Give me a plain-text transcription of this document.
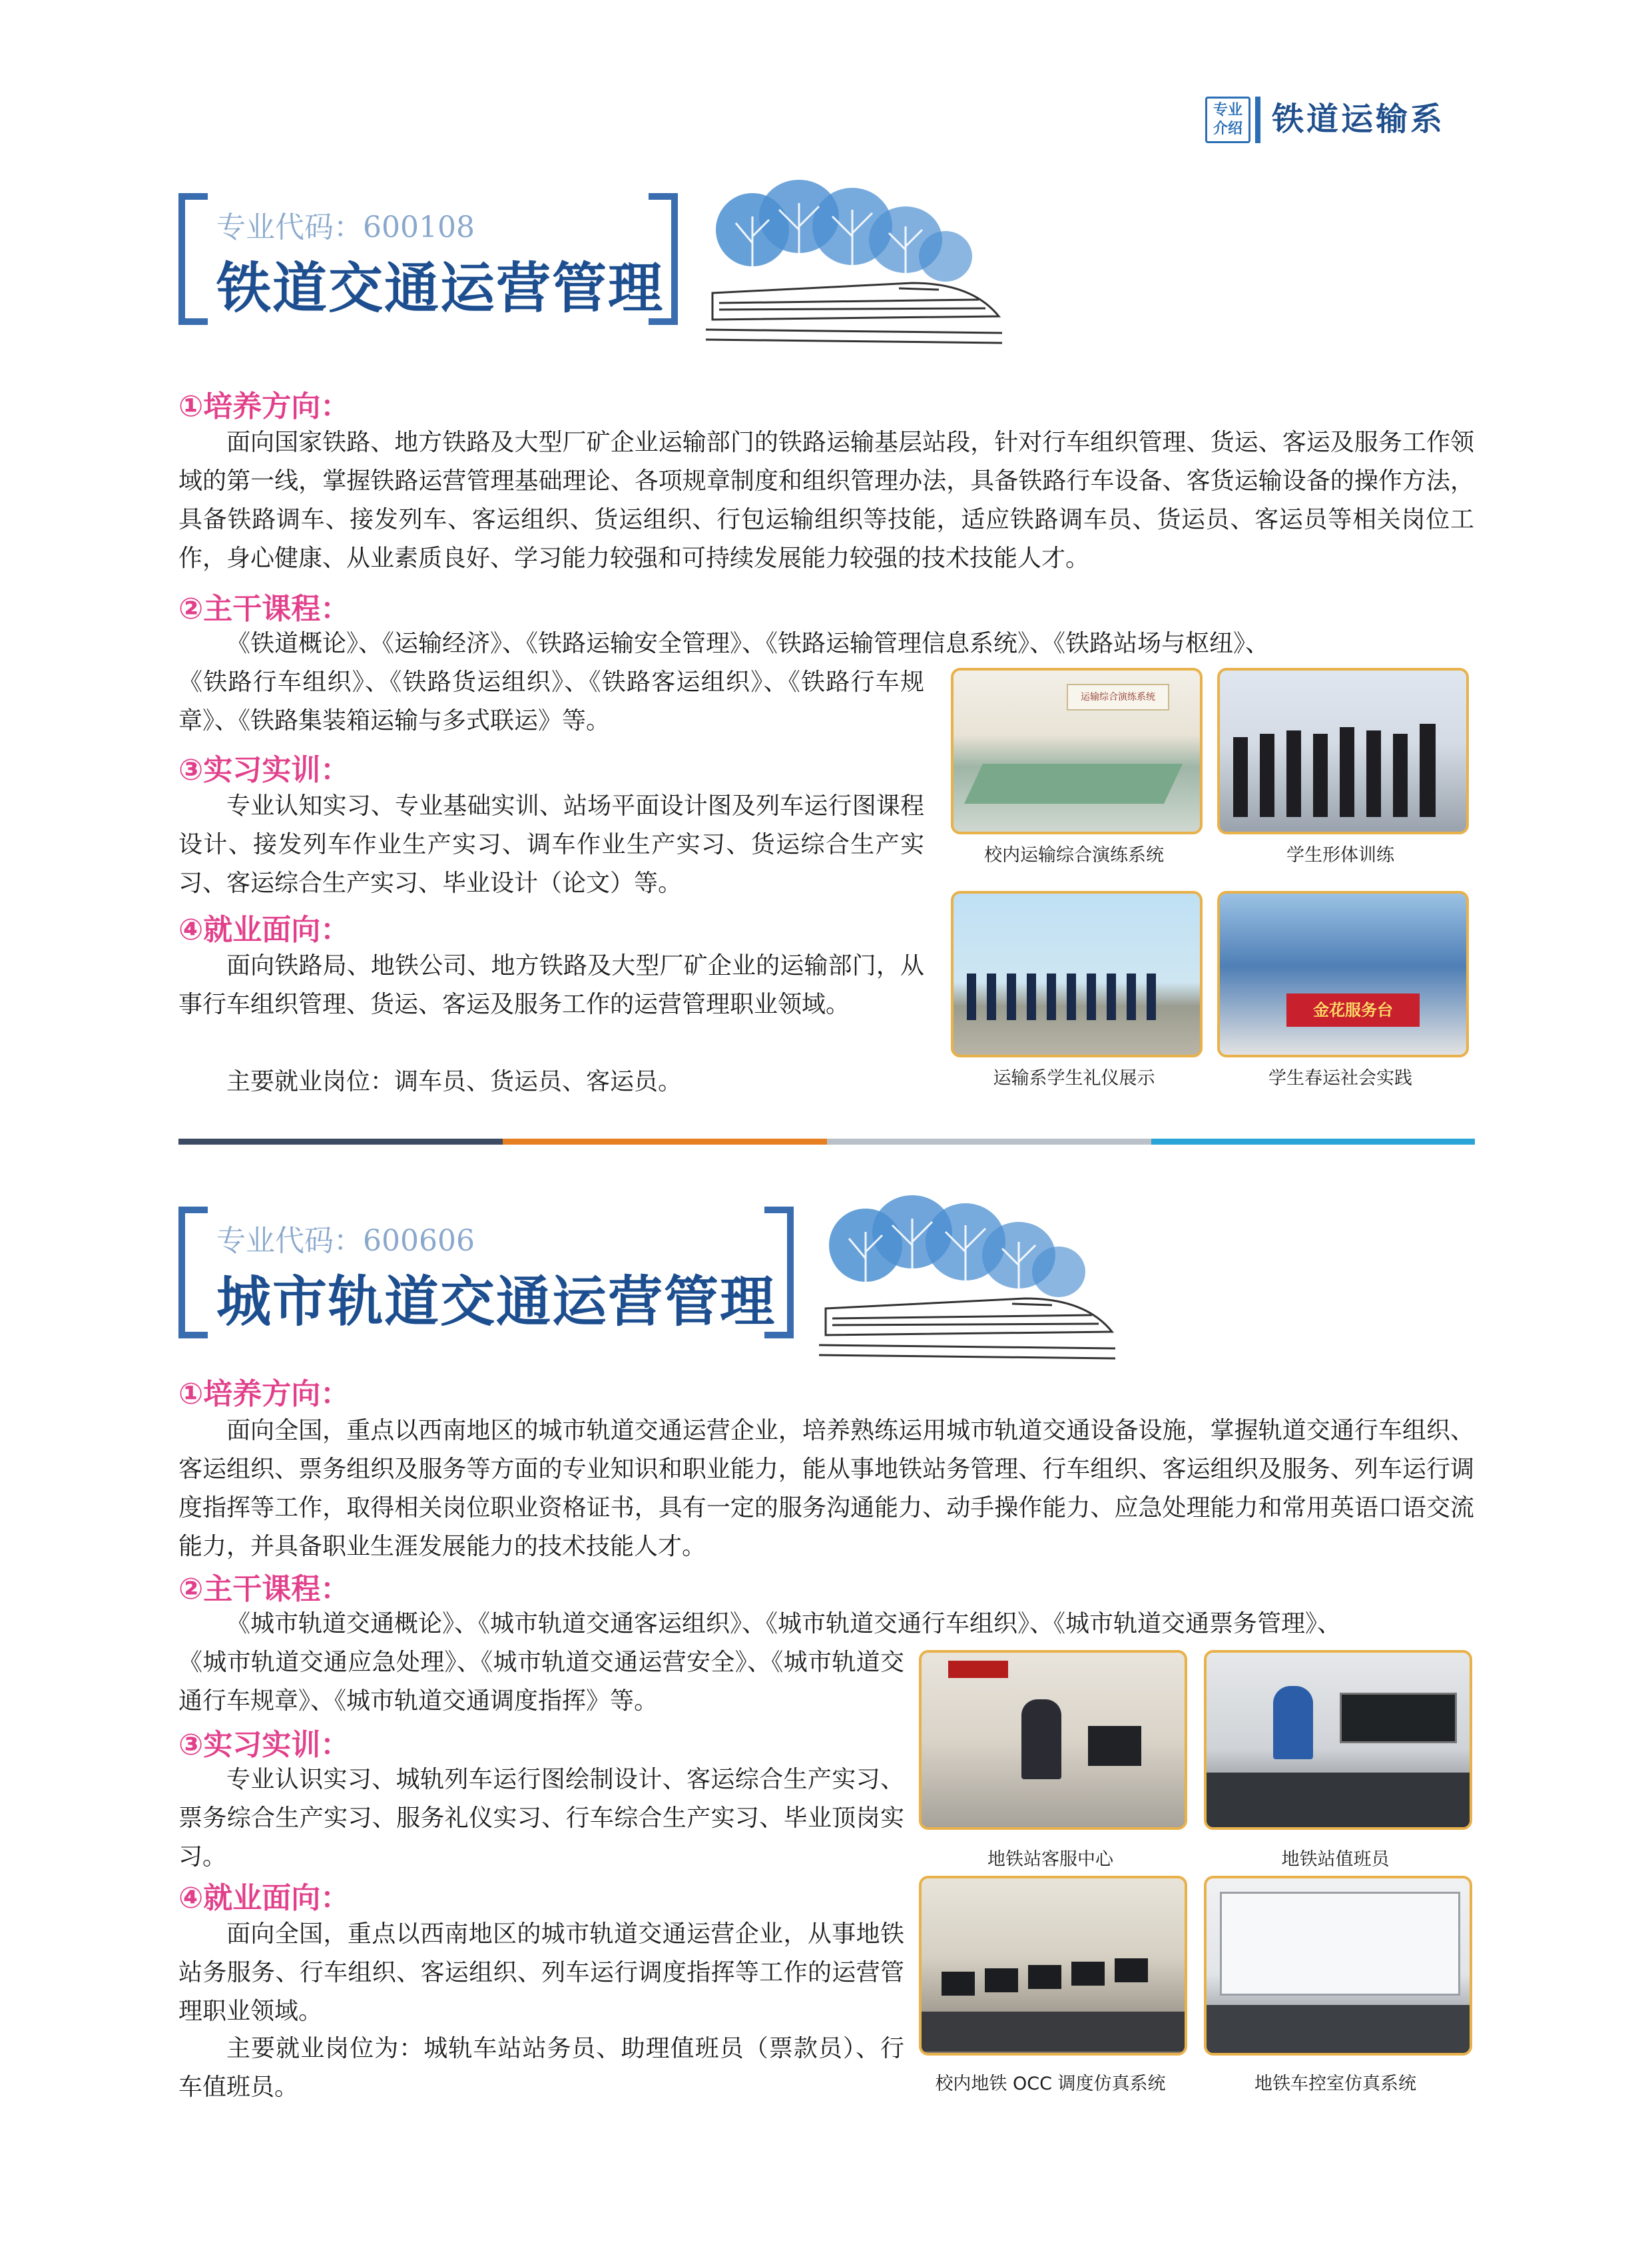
专业
介绍 铁道运输系
专业代码：600108
铁道交通运营管理
①培养方向：

面向国家铁路、地方铁路及大型厂矿企业运输部门的铁路运输基层站段，针对行车组织管理、货运、客运及服务工作领域的第一线，掌握铁路运营管理基础理论、各项规章制度和组织管理办法，具备铁路行车设备、客货运输设备的操作方法，具备铁路调车、接发列车、客运组织、货运组织、行包运输组织等技能，适应铁路调车员、货运员、客运员等相关岗位工作，身心健康、从业素质良好、学习能力较强和可持续发展能力较强的技术技能人才。

②主干课程：

《铁道概论》、《运输经济》、《铁路运输安全管理》、《铁路运输管理信息系统》、《铁路站场与枢纽》、

《铁路行车组织》、《铁路货运组织》、《铁路客运组织》、《铁路行车规章》、《铁路集装箱运输与多式联运》等。

③实习实训：

专业认知实习、专业基础实训、站场平面设计图及列车运行图课程设计、接发列车作业生产实习、调车作业生产实习、货运综合生产实习、客运综合生产实习、毕业设计（论文）等。

④就业面向：

面向铁路局、地铁公司、地方铁路及大型厂矿企业的运输部门，从事行车组织管理、货运、客运及服务工作的运营管理职业领域。

主要就业岗位：调车员、货运员、客运员。

运输综合演练系统
校内运输综合演练系统	学生形体训练
运输系学生礼仪展示
金花服务台
学生春运社会实践
专业代码：600606
城市轨道交通运营管理
①培养方向：

面向全国，重点以西南地区的城市轨道交通运营企业，培养熟练运用城市轨道交通设备设施，掌握轨道交通行车组织、客运组织、票务组织及服务等方面的专业知识和职业能力，能从事地铁站务管理、行车组织、客运组织及服务、列车运行调度指挥等工作，取得相关岗位职业资格证书，具有一定的服务沟通能力、动手操作能力、应急处理能力和常用英语口语交流能力，并具备职业生涯发展能力的技术技能人才。

②主干课程：

《城市轨道交通概论》、《城市轨道交通客运组织》、《城市轨道交通行车组织》、《城市轨道交通票务管理》、

《城市轨道交通应急处理》、《城市轨道交通运营安全》、《城市轨道交通行车规章》、《城市轨道交通调度指挥》等。

③实习实训：

专业认识实习、城轨列车运行图绘制设计、客运综合生产实习、票务综合生产实习、服务礼仪实习、行车综合生产实习、毕业顶岗实习。

④就业面向：

面向全国，重点以西南地区的城市轨道交通运营企业，从事地铁站务服务、行车组织、客运组织、列车运行调度指挥等工作的运营管理职业领域。

主要就业岗位为：城轨车站站务员、助理值班员（票款员）、行车值班员。

地铁站客服中心	地铁站值班员
校内地铁 OCC 调度仿真系统	地铁车控室仿真系统
